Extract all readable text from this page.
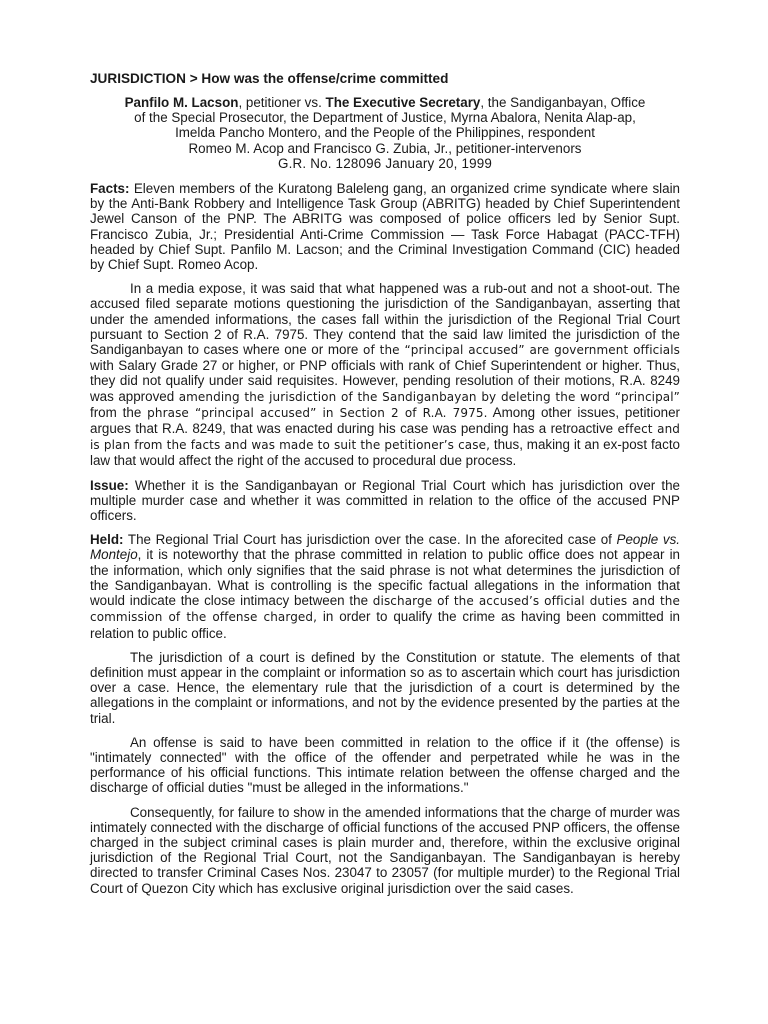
JURISDICTION > How was the offense/crime committed
Panfilo M. Lacson, petitioner vs. The Executive Secretary, the Sandiganbayan, Office
of the Special Prosecutor, the Department of Justice, Myrna Abalora, Nenita Alap-ap,
Imelda Pancho Montero, and the People of the Philippines, respondent
Romeo M. Acop and Francisco G. Zubia, Jr., petitioner-intervenors
G.R. No. 128096 January 20, 1999

Facts: Eleven members of the Kuratong Baleleng gang, an organized crime syndicate where slain by the Anti-Bank Robbery and Intelligence Task Group (ABRITG) headed by Chief Superintendent Jewel Canson of the PNP. The ABRITG was composed of police officers led by Senior Supt. Francisco Zubia, Jr.; Presidential Anti-Crime Commission — Task Force Habagat (PACC-TFH) headed by Chief Supt. Panfilo M. Lacson; and the Criminal Investigation Command (CIC) headed by Chief Supt. Romeo Acop.

In a media expose, it was said that what happened was a rub-out and not a shoot-out. The accused filed separate motions questioning the jurisdiction of the Sandiganbayan, asserting that under the amended informations, the cases fall within the jurisdiction of the Regional Trial Court pursuant to Section 2 of R.A. 7975. They contend that the said law limited the jurisdiction of the Sandiganbayan to cases where one or more of the “principal accused” are government officials with Salary Grade 27 or higher, or PNP officials with rank of Chief Superintendent or higher. Thus, they did not qualify under said requisites. However, pending resolution of their motions, R.A. 8249 was approved amending the jurisdiction of the Sandiganbayan by deleting the word “principal” from the phrase “principal accused” in Section 2 of R.A. 7975. Among other issues, petitioner argues that R.A. 8249, that was enacted during his case was pending has a retroactive effect and is plan from the facts and was made to suit the petitioner’s case, thus, making it an ex-post facto law that would affect the right of the accused to procedural due process.

Issue: Whether it is the Sandiganbayan or Regional Trial Court which has jurisdiction over the multiple murder case and whether it was committed in relation to the office of the accused PNP officers.

Held: The Regional Trial Court has jurisdiction over the case. In the aforecited case of People vs. Montejo, it is noteworthy that the phrase committed in relation to public office does not appear in the information, which only signifies that the said phrase is not what determines the jurisdiction of the Sandiganbayan. What is controlling is the specific factual allegations in the information that would indicate the close intimacy between the discharge of the accused’s official duties and the commission of the offense charged, in order to qualify the crime as having been committed in relation to public office.

The jurisdiction of a court is defined by the Constitution or statute. The elements of that definition must appear in the complaint or information so as to ascertain which court has jurisdiction over a case. Hence, the elementary rule that the jurisdiction of a court is determined by the allegations in the complaint or informations, and not by the evidence presented by the parties at the trial.

An offense is said to have been committed in relation to the office if it (the offense) is "intimately connected" with the office of the offender and perpetrated while he was in the performance of his official functions. This intimate relation between the offense charged and the discharge of official duties "must be alleged in the informations."

Consequently, for failure to show in the amended informations that the charge of murder was intimately connected with the discharge of official functions of the accused PNP officers, the offense charged in the subject criminal cases is plain murder and, therefore, within the exclusive original jurisdiction of the Regional Trial Court, not the Sandiganbayan. The Sandiganbayan is hereby directed to transfer Criminal Cases Nos. 23047 to 23057 (for multiple murder) to the Regional Trial Court of Quezon City which has exclusive original jurisdiction over the said cases.
